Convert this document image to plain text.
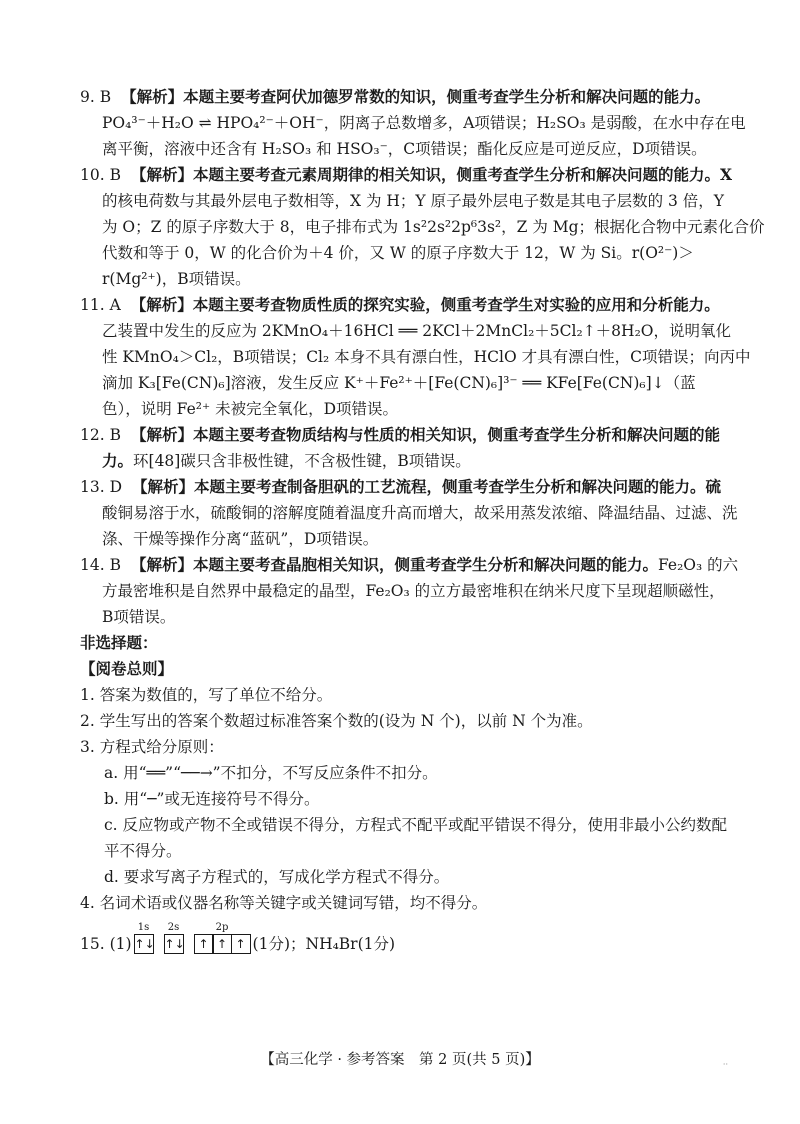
9. B 【解析】本题主要考查阿伏加德罗常数的知识，侧重考查学生分析和解决问题的能力。
PO₄³⁻＋H₂O ⇌ HPO₄²⁻＋OH⁻，阴离子总数增多，A项错误；H₂SO₃ 是弱酸，在水中存在电
离平衡，溶液中还含有 H₂SO₃ 和 HSO₃⁻，C项错误；酯化反应是可逆反应，D项错误。
10. B 【解析】本题主要考查元素周期律的相关知识，侧重考查学生分析和解决问题的能力。X
的核电荷数与其最外层电子数相等，X 为 H；Y 原子最外层电子数是其电子层数的 3 倍，Y
为 O；Z 的原子序数大于 8，电子排布式为 1s²2s²2p⁶3s²，Z 为 Mg；根据化合物中元素化合价
代数和等于 0，W 的化合价为＋4 价，又 W 的原子序数大于 12，W 为 Si。r(O²⁻)＞
r(Mg²⁺)，B项错误。
11. A 【解析】本题主要考查物质性质的探究实验，侧重考查学生对实验的应用和分析能力。
乙装置中发生的反应为 2KMnO₄＋16HCl ══ 2KCl＋2MnCl₂＋5Cl₂↑＋8H₂O，说明氧化
性 KMnO₄＞Cl₂，B项错误；Cl₂ 本身不具有漂白性，HClO 才具有漂白性，C项错误；向丙中
滴加 K₃[Fe(CN)₆]溶液，发生反应 K⁺＋Fe²⁺＋[Fe(CN)₆]³⁻ ══ KFe[Fe(CN)₆]↓（蓝
色），说明 Fe²⁺ 未被完全氧化，D项错误。
12. B 【解析】本题主要考查物质结构与性质的相关知识，侧重考查学生分析和解决问题的能
力。环[48]碳只含非极性键，不含极性键，B项错误。
13. D 【解析】本题主要考查制备胆矾的工艺流程，侧重考查学生分析和解决问题的能力。硫
酸铜易溶于水，硫酸铜的溶解度随着温度升高而增大，故采用蒸发浓缩、降温结晶、过滤、洗
涤、干燥等操作分离“蓝矾”，D项错误。
14. B 【解析】本题主要考查晶胞相关知识，侧重考查学生分析和解决问题的能力。Fe₂O₃ 的六
方最密堆积是自然界中最稳定的晶型，Fe₂O₃ 的立方最密堆积在纳米尺度下呈现超顺磁性，
B项错误。
非选择题：
【阅卷总则】
1. 答案为数值的，写了单位不给分。
2. 学生写出的答案个数超过标准答案个数的(设为 N 个)，以前 N 个为准。
3. 方程式给分原则：
a. 用“══”“──→”不扣分，不写反应条件不扣分。
b. 用“─”或无连接符号不得分。
c. 反应物或产物不全或错误不得分，方程式不配平或配平错误不得分，使用非最小公约数配
平不得分。
d. 要求写离子方程式的，写成化学方程式不得分。
4. 名词术语或仪器名称等关键字或关键词写错，均不得分。
15. (1)
1s
↑↓
2s
↑↓
2p
↑ ↑ ↑ (1分)；NH₄Br(1分)
【高三化学 · 参考答案　第 2 页(共 5 页)】	··
